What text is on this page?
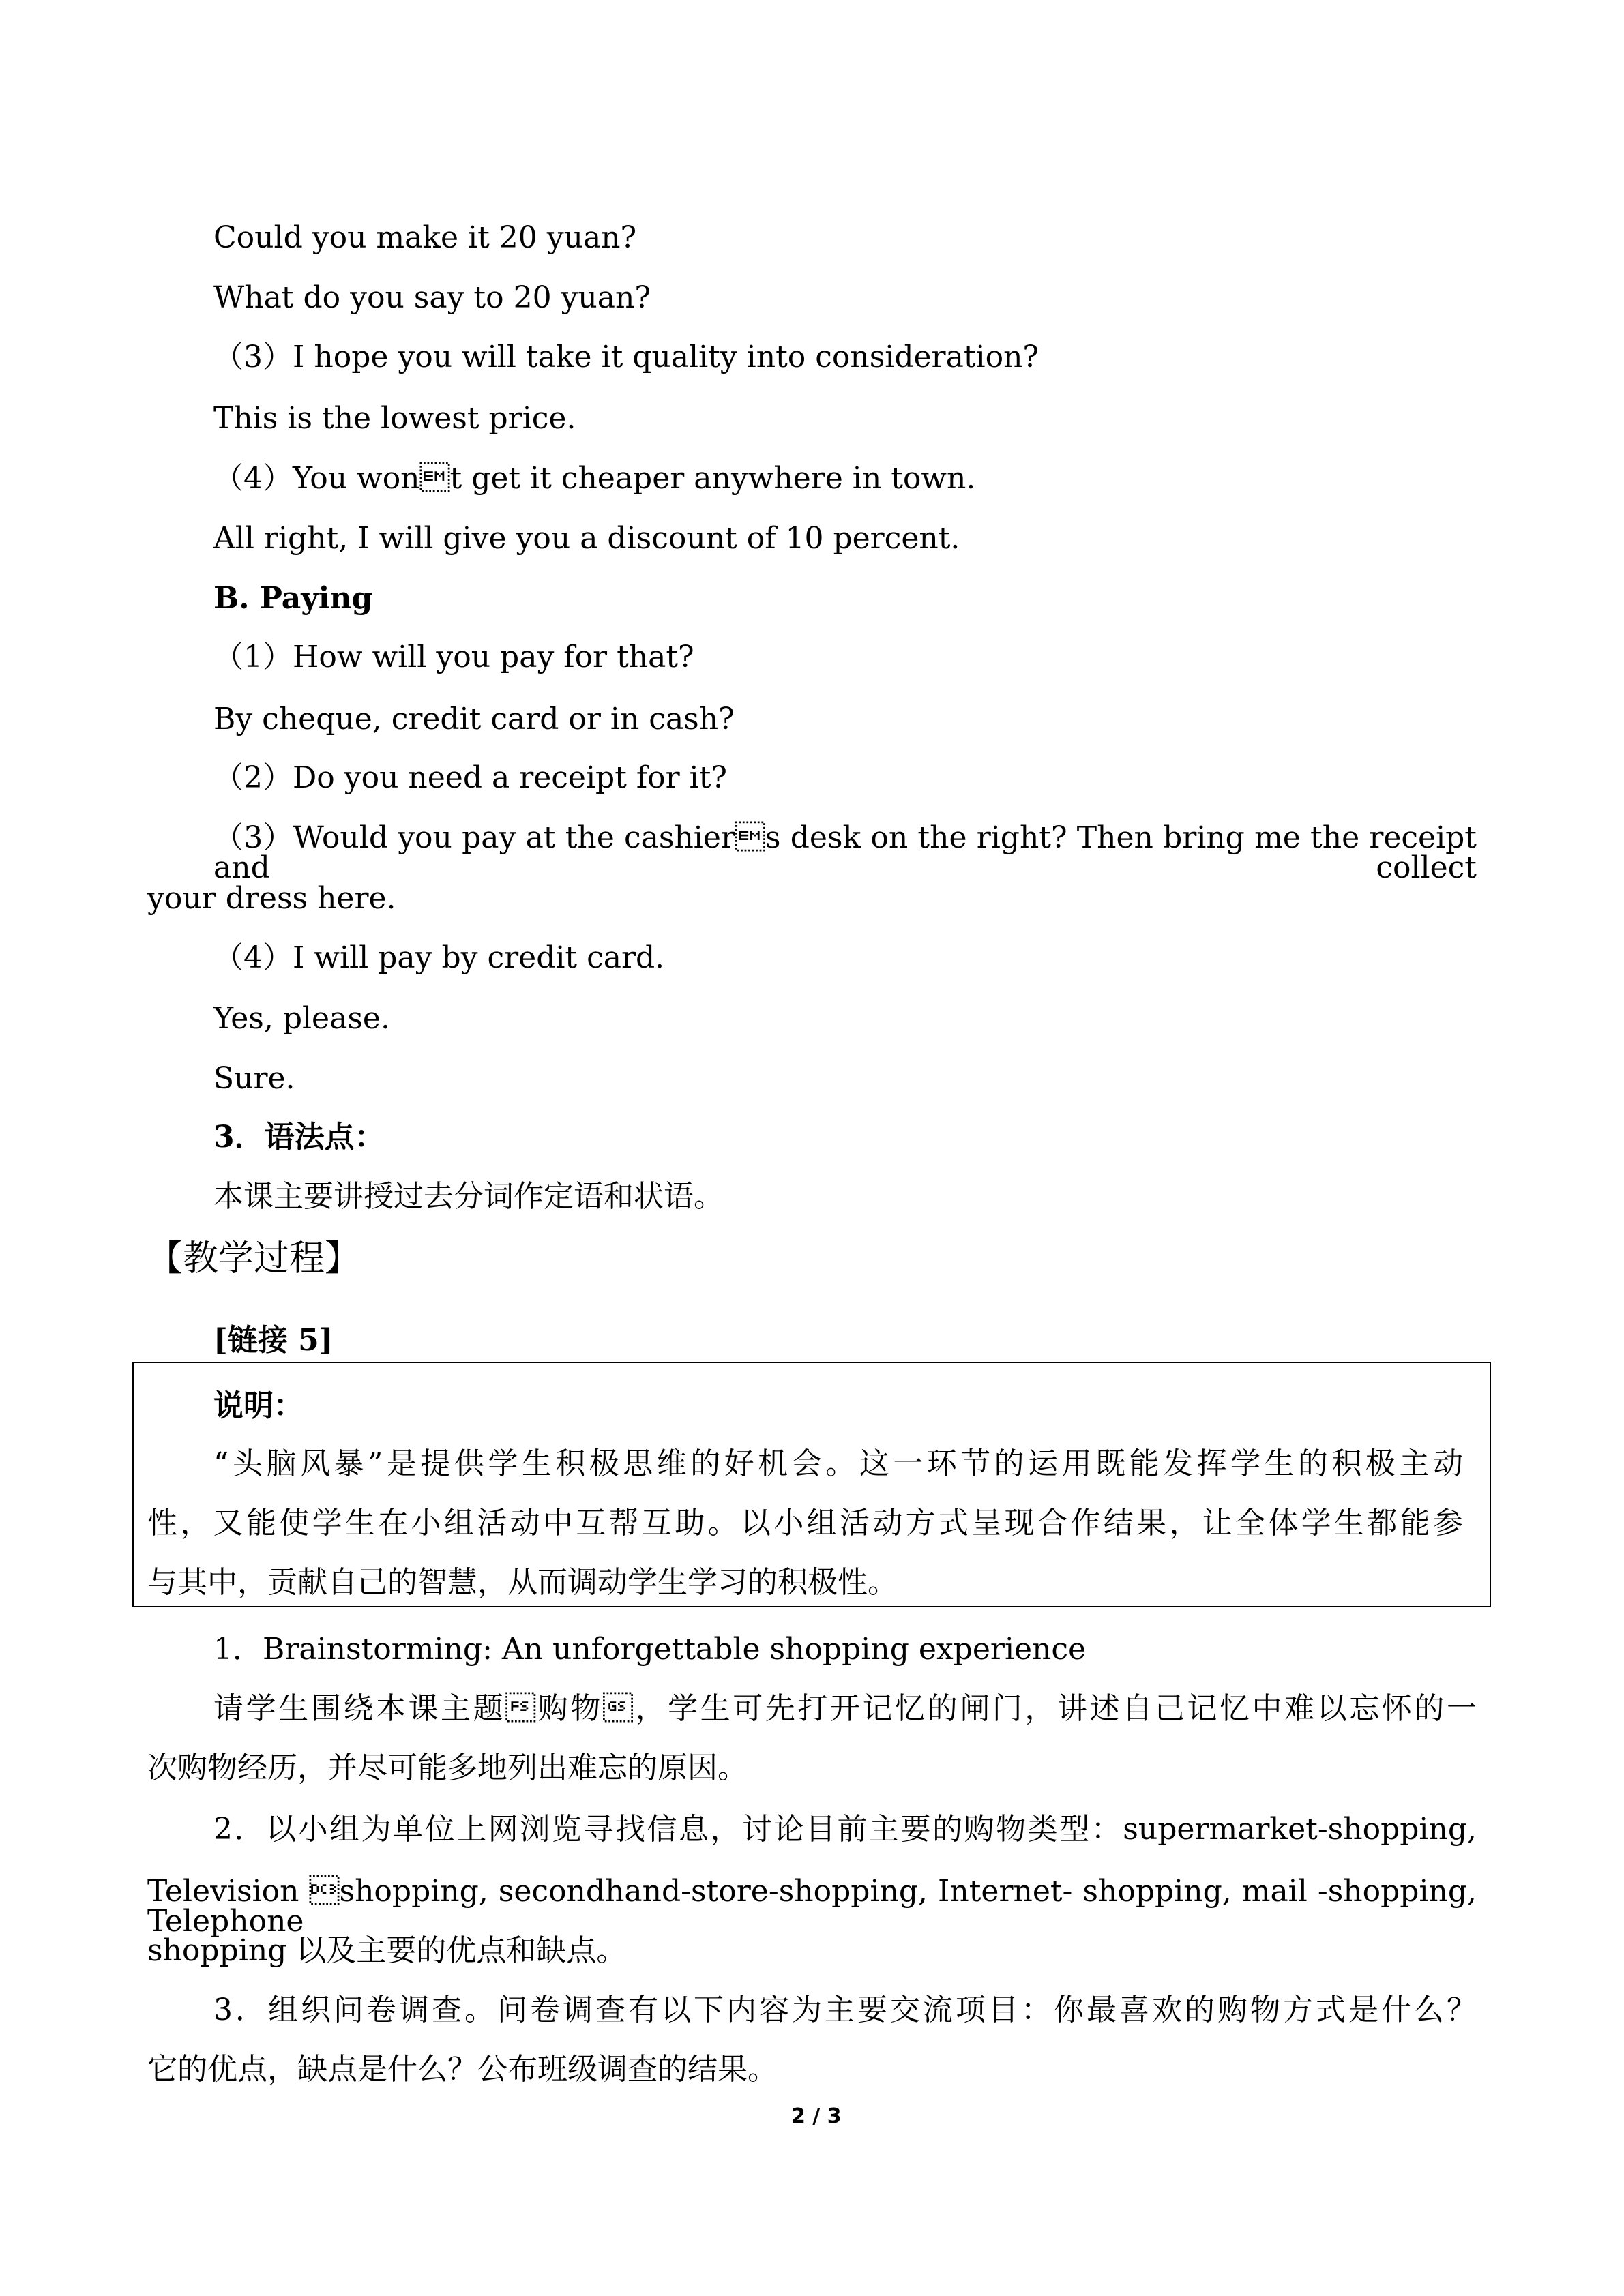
Could you make it 20 yuan?
What do you say to 20 yuan?
（3）I hope you will take it quality into consideration?
This is the lowest price.
（4）You wont get it cheaper anywhere in town.
All right, I will give you a discount of 10 percent.
B. Paying
（1）How will you pay for that?
By cheque, credit card or in cash?
（2）Do you need a receipt for it?
（3）Would you pay at the cashiers desk on the right? Then bring me the receipt and collect
your dress here.
（4）I will pay by credit card.
Yes, please.
Sure.
3．语法点：
本课主要讲授过去分词作定语和状语。
【教学过程】
[链接 5]
说明：
“头脑风暴”是提供学生积极思维的好机会。这一环节的运用既能发挥学生的积极主动
性，又能使学生在小组活动中互帮互助。以小组活动方式呈现合作结果，让全体学生都能参
与其中，贡献自己的智慧，从而调动学生学习的积极性。
1．Brainstorming: An unforgettable shopping experience
请学生围绕本课主题购物，学生可先打开记忆的闸门，讲述自己记忆中难以忘怀的一
次购物经历，并尽可能多地列出难忘的原因。
2．以小组为单位上网浏览寻找信息，讨论目前主要的购物类型：supermarket-shopping,
Television shopping, secondhand-store-shopping, Internet- shopping, mail -shopping, Telephone
shopping 以及主要的优点和缺点。
3．组织问卷调查。问卷调查有以下内容为主要交流项目：你最喜欢的购物方式是什么？
它的优点，缺点是什么？公布班级调查的结果。
2 / 3
